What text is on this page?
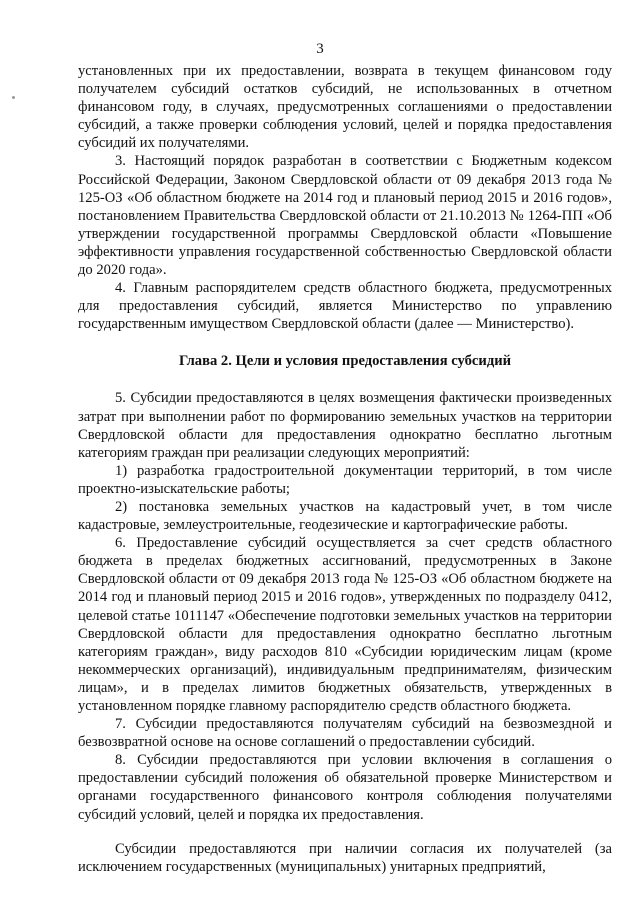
3

установленных при их предоставлении, возврата в текущем финансовом году получателем субсидий остатков субсидий, не использованных в отчетном финансовом году, в случаях, предусмотренных соглашениями о предоставлении субсидий, а также проверки соблюдения условий, целей и порядка предоставления субсидий их получателями.

3. Настоящий порядок разработан в соответствии с Бюджетным кодексом Российской Федерации, Законом Свердловской области от 09 декабря 2013 года № 125-ОЗ «Об областном бюджете на 2014 год и плановый период 2015 и 2016 годов», постановлением Правительства Свердловской области от 21.10.2013 № 1264-ПП «Об утверждении государственной программы Свердловской области «Повышение эффективности управления государственной собственностью Свердловской области до 2020 года».

4. Главным распорядителем средств областного бюджета, предусмотренных для предоставления субсидий, является Министерство по управлению государственным имуществом Свердловской области (далее — Министерство).

Глава 2. Цели и условия предоставления субсидий

5. Субсидии предоставляются в целях возмещения фактически произведенных затрат при выполнении работ по формированию земельных участков на территории Свердловской области для предоставления однократно бесплатно льготным категориям граждан при реализации следующих мероприятий:

1) разработка градостроительной документации территорий, в том числе проектно-изыскательские работы;

2) постановка земельных участков на кадастровый учет, в том числе кадастровые, землеустроительные, геодезические и картографические работы.

6. Предоставление субсидий осуществляется за счет средств областного бюджета в пределах бюджетных ассигнований, предусмотренных в Законе Свердловской области от 09 декабря 2013 года № 125-ОЗ «Об областном бюджете на 2014 год и плановый период 2015 и 2016 годов», утвержденных по подразделу 0412, целевой статье 1011147 «Обеспечение подготовки земельных участков на территории Свердловской области для предоставления однократно бесплатно льготным категориям граждан», виду расходов 810 «Субсидии юридическим лицам (кроме некоммерческих организаций), индивидуальным предпринимателям, физическим лицам», и в пределах лимитов бюджетных обязательств, утвержденных в установленном порядке главному распорядителю средств областного бюджета.

7. Субсидии предоставляются получателям субсидий на безвозмездной и безвозвратной основе на основе соглашений о предоставлении субсидий.

8. Субсидии предоставляются при условии включения в соглашения о предоставлении субсидий положения об обязательной проверке Министерством и органами государственного финансового контроля соблюдения получателями субсидий условий, целей и порядка их предоставления.

Субсидии предоставляются при наличии согласия их получателей (за исключением государственных (муниципальных) унитарных предприятий,
